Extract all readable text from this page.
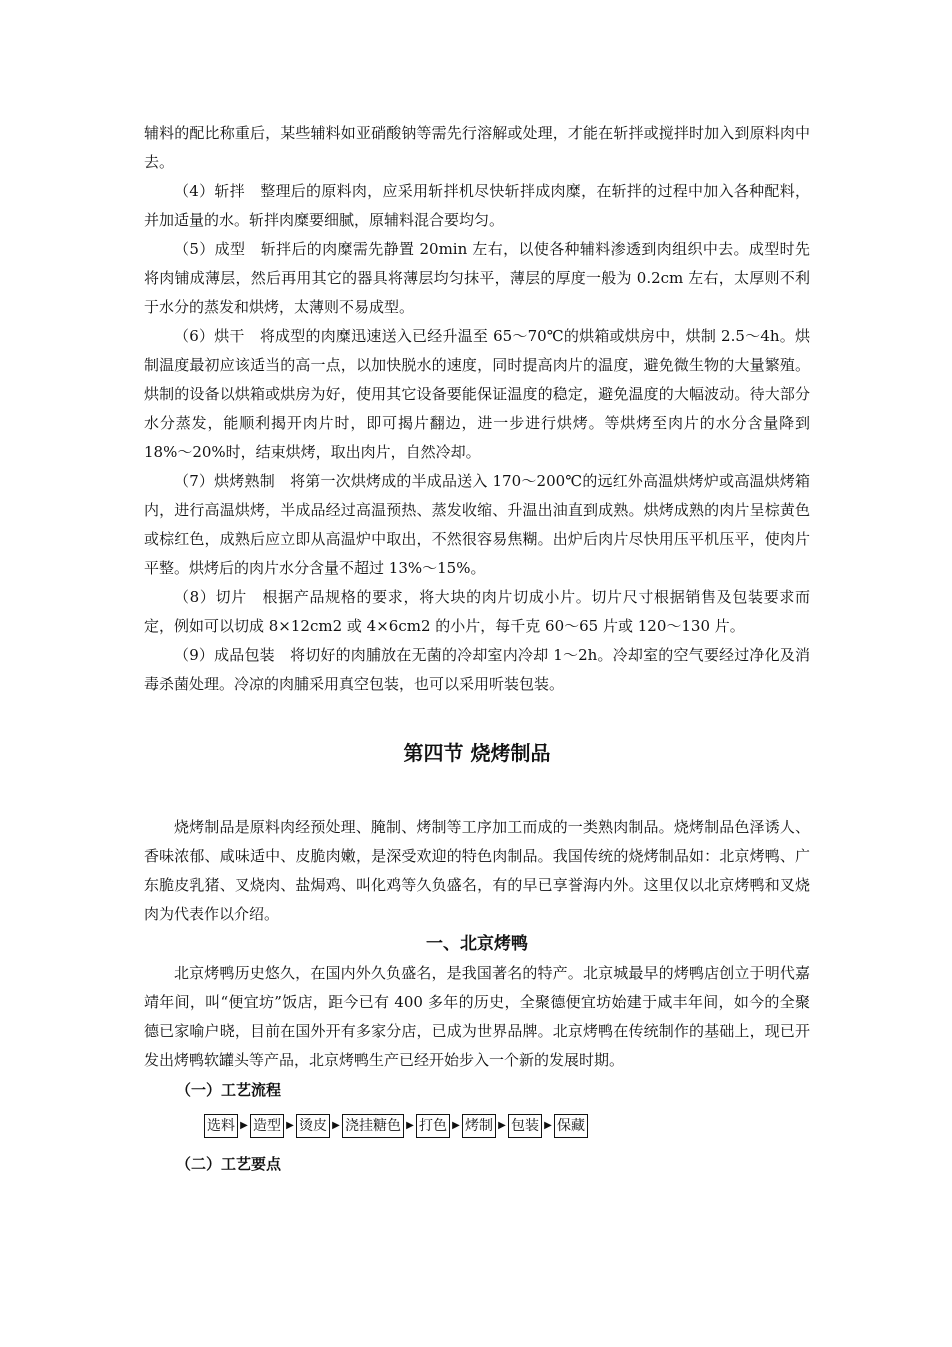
辅料的配比称重后，某些辅料如亚硝酸钠等需先行溶解或处理，才能在斩拌或搅拌时加入到原料肉中去。

（4）斩拌　整理后的原料肉，应采用斩拌机尽快斩拌成肉糜，在斩拌的过程中加入各种配料，并加适量的水。斩拌肉糜要细腻，原辅料混合要均匀。

（5）成型　斩拌后的肉糜需先静置 20min 左右，以使各种辅料渗透到肉组织中去。成型时先将肉铺成薄层，然后再用其它的器具将薄层均匀抹平，薄层的厚度一般为 0.2cm 左右，太厚则不利于水分的蒸发和烘烤，太薄则不易成型。

（6）烘干　将成型的肉糜迅速送入已经升温至 65～70℃的烘箱或烘房中，烘制 2.5～4h。烘制温度最初应该适当的高一点，以加快脱水的速度，同时提高肉片的温度，避免微生物的大量繁殖。烘制的设备以烘箱或烘房为好，使用其它设备要能保证温度的稳定，避免温度的大幅波动。待大部分水分蒸发，能顺利揭开肉片时，即可揭片翻边，进一步进行烘烤。等烘烤至肉片的水分含量降到 18%～20%时，结束烘烤，取出肉片，自然冷却。

（7）烘烤熟制　将第一次烘烤成的半成品送入 170～200℃的远红外高温烘烤炉或高温烘烤箱内，进行高温烘烤，半成品经过高温预热、蒸发收缩、升温出油直到成熟。烘烤成熟的肉片呈棕黄色或棕红色，成熟后应立即从高温炉中取出，不然很容易焦糊。出炉后肉片尽快用压平机压平，使肉片平整。烘烤后的肉片水分含量不超过 13%～15%。

（8）切片　根据产品规格的要求，将大块的肉片切成小片。切片尺寸根据销售及包装要求而定，例如可以切成 8×12cm2 或 4×6cm2 的小片，每千克 60～65 片或 120～130 片。

（9）成品包装　将切好的肉脯放在无菌的冷却室内冷却 1～2h。冷却室的空气要经过净化及消毒杀菌处理。冷凉的肉脯采用真空包装，也可以采用听装包装。

第四节 烧烤制品

烧烤制品是原料肉经预处理、腌制、烤制等工序加工而成的一类熟肉制品。烧烤制品色泽诱人、香味浓郁、咸味适中、皮脆肉嫩，是深受欢迎的特色肉制品。我国传统的烧烤制品如：北京烤鸭、广东脆皮乳猪、叉烧肉、盐焗鸡、叫化鸡等久负盛名，有的早已享誉海内外。这里仅以北京烤鸭和叉烧肉为代表作以介绍。

一、北京烤鸭

北京烤鸭历史悠久，在国内外久负盛名，是我国著名的特产。北京城最早的烤鸭店创立于明代嘉靖年间，叫“便宜坊”饭店，距今已有 400 多年的历史，全聚德便宜坊始建于咸丰年间，如今的全聚德已家喻户晓，目前在国外开有多家分店，已成为世界品牌。北京烤鸭在传统制作的基础上，现已开发出烤鸭软罐头等产品，北京烤鸭生产已经开始步入一个新的发展时期。

（一）工艺流程
选料 ▶ 造型 ▶ 烫皮 ▶ 浇挂糖色 ▶ 打色 ▶ 烤制 ▶ 包装 ▶ 保藏
（二）工艺要点
